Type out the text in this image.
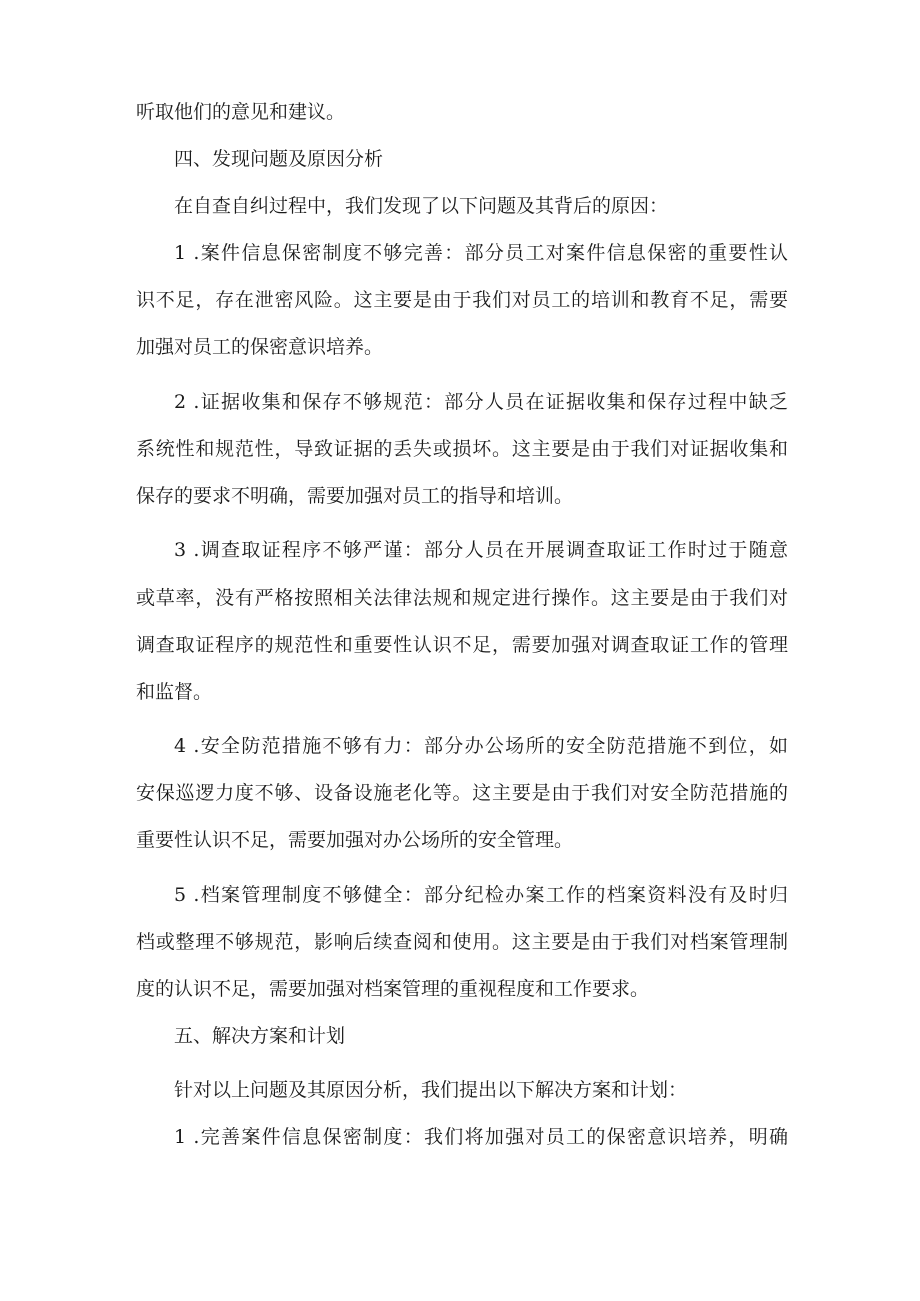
听取他们的意见和建议。
四、发现问题及原因分析
在自查自纠过程中，我们发现了以下问题及其背后的原因：
1 .案件信息保密制度不够完善：部分员工对案件信息保密的重要性认
识不足，存在泄密风险。这主要是由于我们对员工的培训和教育不足，需要
加强对员工的保密意识培养。
2 .证据收集和保存不够规范：部分人员在证据收集和保存过程中缺乏
系统性和规范性，导致证据的丢失或损坏。这主要是由于我们对证据收集和
保存的要求不明确，需要加强对员工的指导和培训。
3 .调查取证程序不够严谨：部分人员在开展调查取证工作时过于随意
或草率，没有严格按照相关法律法规和规定进行操作。这主要是由于我们对
调查取证程序的规范性和重要性认识不足，需要加强对调查取证工作的管理
和监督。
4 .安全防范措施不够有力：部分办公场所的安全防范措施不到位，如
安保巡逻力度不够、设备设施老化等。这主要是由于我们对安全防范措施的
重要性认识不足，需要加强对办公场所的安全管理。
5 .档案管理制度不够健全：部分纪检办案工作的档案资料没有及时归
档或整理不够规范，影响后续查阅和使用。这主要是由于我们对档案管理制
度的认识不足，需要加强对档案管理的重视程度和工作要求。
五、解决方案和计划
针对以上问题及其原因分析，我们提出以下解决方案和计划：
1 .完善案件信息保密制度：我们将加强对员工的保密意识培养，明确
